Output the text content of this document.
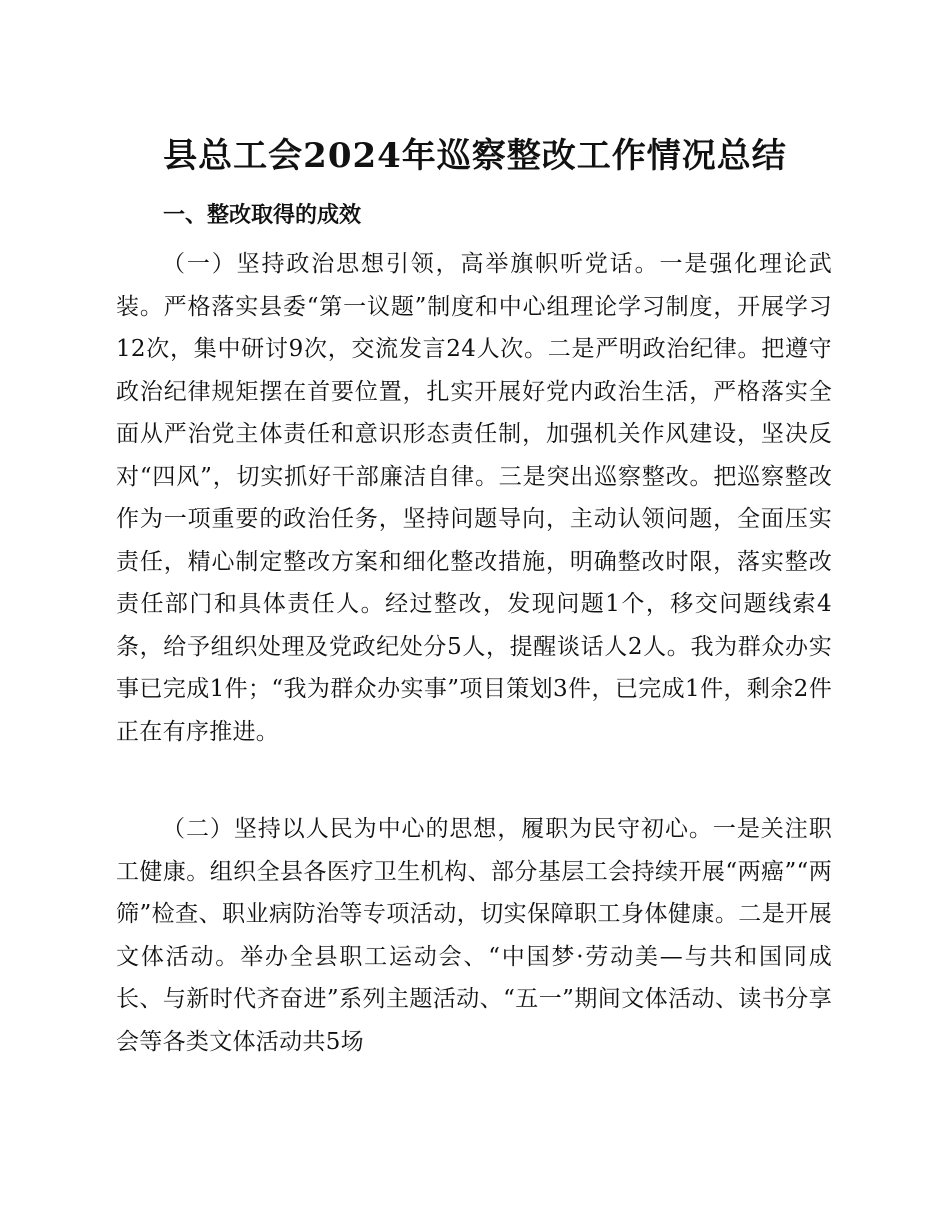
县总工会2024年巡察整改工作情况总结
一、整改取得的成效

（一）坚持政治思想引领，高举旗帜听党话。一是强化理论武装。严格落实县委“第一议题”制度和中心组理论学习制度，开展学习12次，集中研讨9次，交流发言24人次。二是严明政治纪律。把遵守政治纪律规矩摆在首要位置，扎实开展好党内政治生活，严格落实全面从严治党主体责任和意识形态责任制，加强机关作风建设，坚决反对“四风”，切实抓好干部廉洁自律。三是突出巡察整改。把巡察整改作为一项重要的政治任务，坚持问题导向，主动认领问题，全面压实责任，精心制定整改方案和细化整改措施，明确整改时限，落实整改责任部门和具体责任人。经过整改，发现问题1个，移交问题线索4条，给予组织处理及党政纪处分5人，提醒谈话人2人。我为群众办实事已完成1件；“我为群众办实事”项目策划3件，已完成1件，剩余2件正在有序推进。

（二）坚持以人民为中心的思想，履职为民守初心。一是关注职工健康。组织全县各医疗卫生机构、部分基层工会持续开展“两癌”“两筛”检查、职业病防治等专项活动，切实保障职工身体健康。二是开展文体活动。举办全县职工运动会、“中国梦·劳动美—与共和国同成长、与新时代齐奋进”系列主题活动、“五一”期间文体活动、读书分享会等各类文体活动共5场
